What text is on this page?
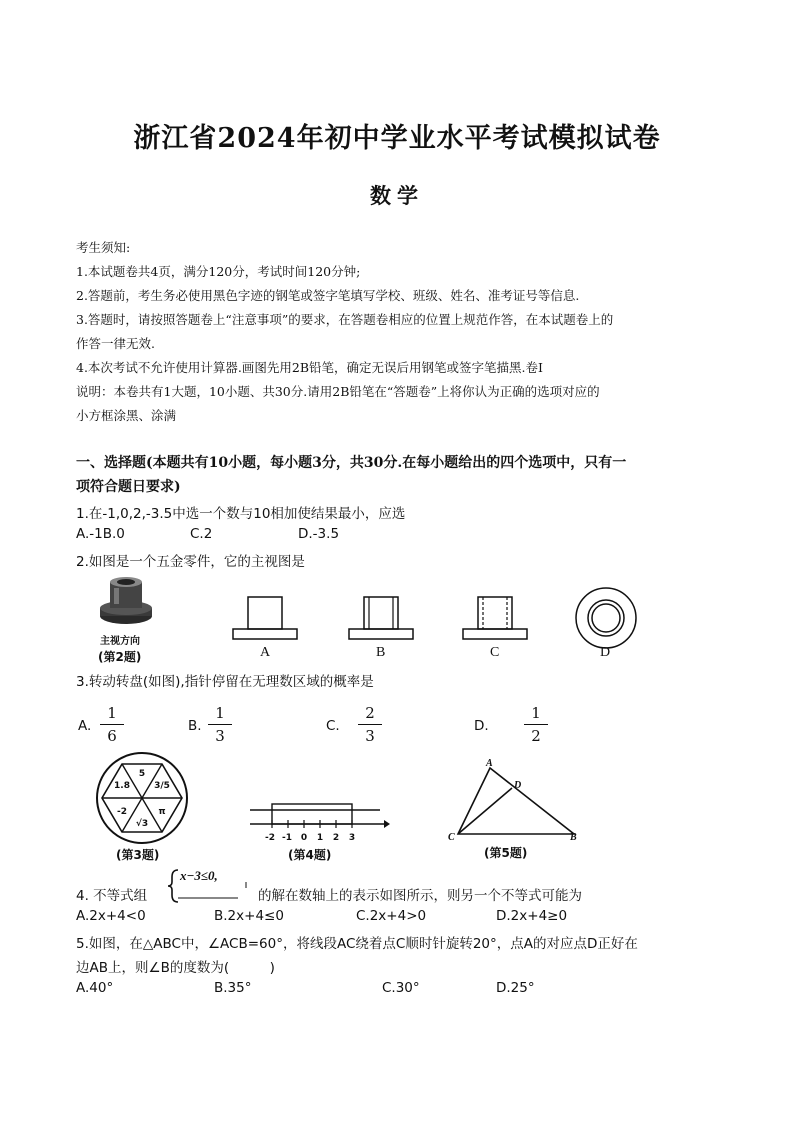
浙江省2024年初中学业水平考试模拟试卷
数学
考生须知:
1.本试题卷共4页，满分120分，考试时间120分钟;
2.答题前，考生务必使用黑色字迹的钢笔或签字笔填写学校、班级、姓名、准考证号等信息.
3.答题时，请按照答题卷上“注意事项”的要求，在答题卷相应的位置上规范作答，在本试题卷上的
作答一律无效.
4.本次考试不允许使用计算器.画图先用2B铅笔，确定无误后用钢笔或签字笔描黑.卷Ⅰ
说明：本卷共有1大题，10小题、共30分.请用2B铅笔在“答题卷”上将你认为正确的选项对应的
小方框涂黑、涂满
一、选择题(本题共有10小题，每小题3分，共30分.在每小题给出的四个选项中，只有一
项符合题日要求)
1.在-1,0,2,-3.5中选一个数与10相加使结果最小，应选
A.-1B.0	C.2	D.-3.5
2.如图是一个五金零件，它的主视图是
主视方向
(第2题)	A	B	C	D
3.转动转盘(如图),指针停留在无理数区域的概率是
A. $\frac{1}{6}$	B. $\frac{1}{3}$	C. $\frac{2}{3}$	D. $\frac{1}{2}$
5
3/5
π
√3
-2
1.8
(第3题)
-2 -1 0 1 2 3
(第4题)
A
D
C	B
(第5题)
4. 不等式组
x−3≤0,
的解在数轴上的表示如图所示，则另一个不等式可能为
A.2x+4<0	B.2x+4≤0	C.2x+4>0	D.2x+4≥0
5.如图，在△ABC中，∠ACB=60°，将线段AC绕着点C顺时针旋转20°，点A的对应点D正好在
边AB上，则∠B的度数为(　　　)
A.40°	B.35°	C.30°	D.25°
